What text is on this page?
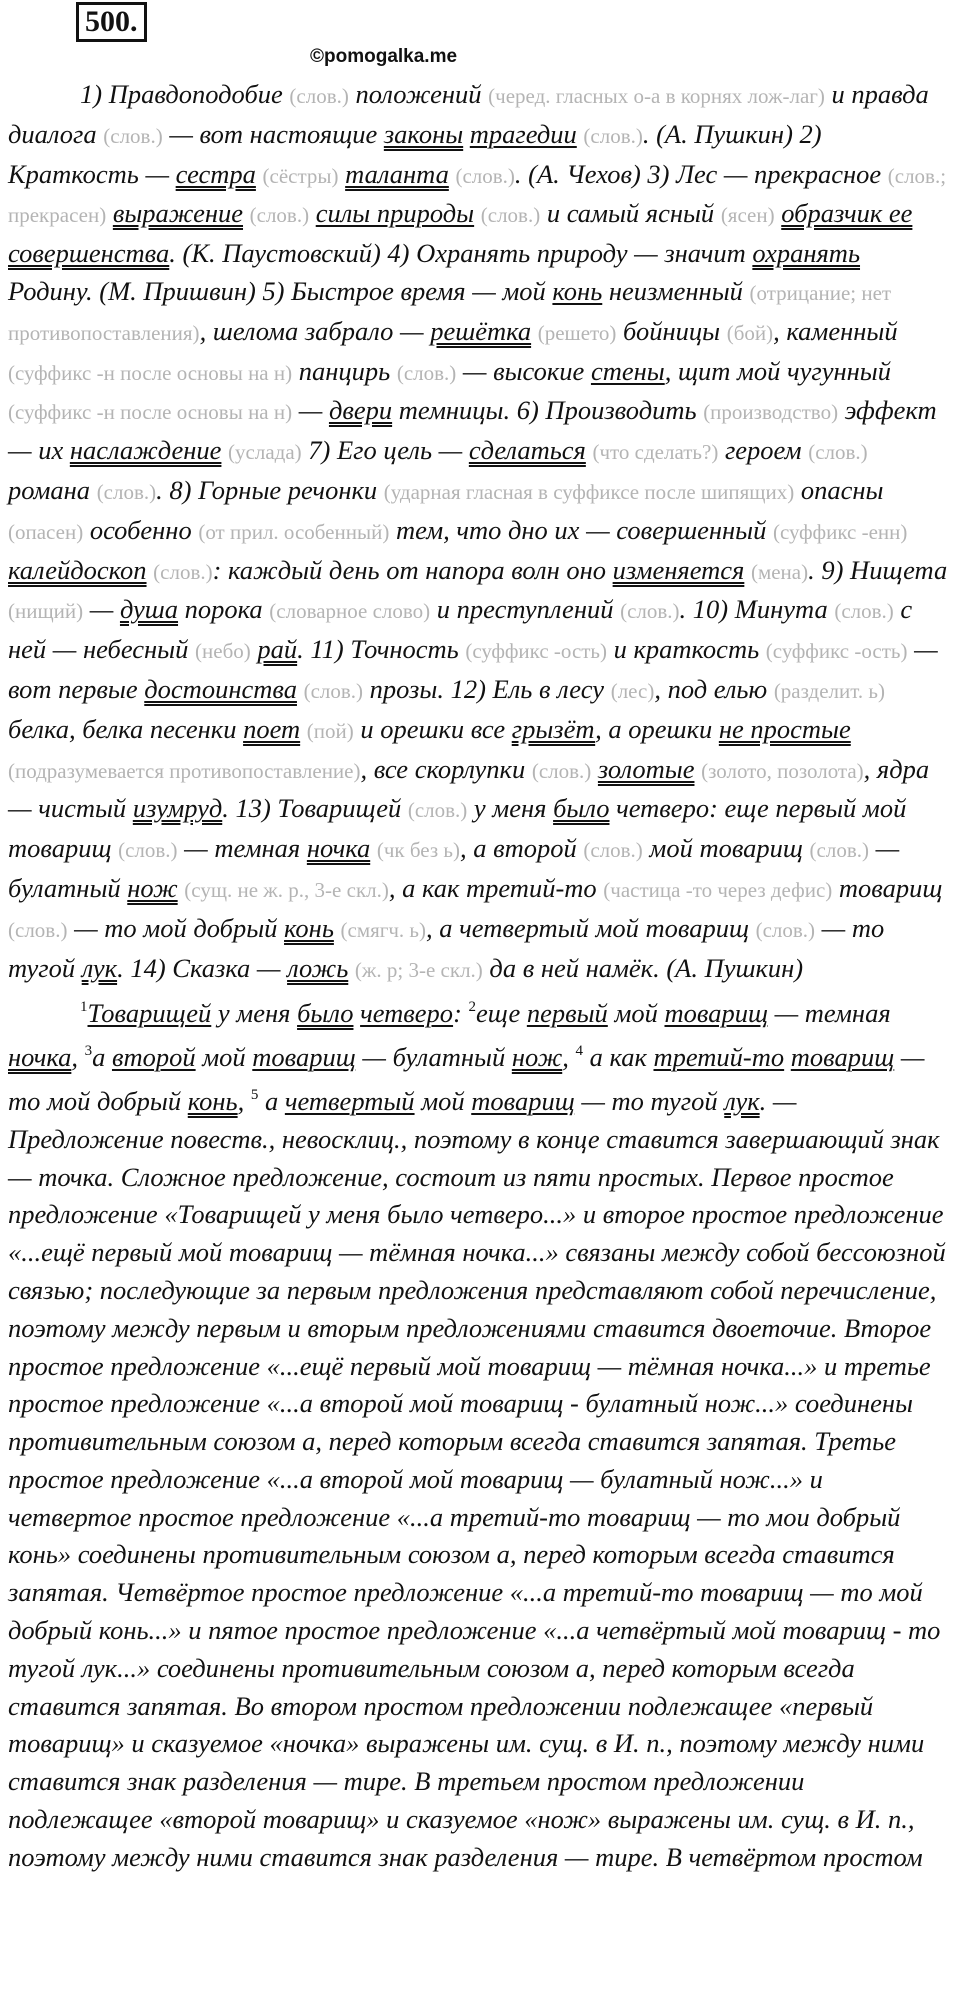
500.
©pomogalka.me

1) Правдоподобие (слов.) положений (черед. гласных о-а в корнях лож-лаг) и правда диалога (слов.) — вот настоящие законы трагедии (слов.). (А. Пушкин) 2) Краткость — сестра (сёстры) таланта (слов.). (А. Чехов) 3) Лес — прекрасное (слов.; прекрасен) выражение (слов.) силы природы (слов.) и самый ясный (ясен) образчик ее совершенства. (К. Паустовский) 4) Охранять природу — значит охранять Родину. (М. Пришвин) 5) Быстрое время — мой конь неизменный (отрицание; нет противопоставления), шелома забрало — решётка (решето) бойницы (бой), каменный (суффикс -н после основы на н) панцирь (слов.) — высокие стены, щит мой чугунный (суффикс -н после основы на н) — двери темницы. 6) Производить (производство) эффект — их наслаждение (услада) 7) Его цель — сделаться (что сделать?) героем (слов.) романа (слов.). 8) Горные речонки (ударная гласная в суффиксе после шипящих) опасны (опасен) особенно (от прил. особенный) тем, что дно их — совершенный (суффикс -енн) калейдоскоп (слов.): каждый день от напора волн оно изменяется (мена). 9) Нищета (нищий) — душа порока (словарное слово) и преступлений (слов.). 10) Минута (слов.) с ней — небесный (небо) рай. 11) Точность (суффикс -ость) и краткость (суффикс -ость) — вот первые достоинства (слов.) прозы. 12) Ель в лесу (лес), под елью (разделит. ь) белка, белка песенки поет (пой) и орешки все грызёт, а орешки не простые (подразумевается противопоставление), все скорлупки (слов.) золотые (золото, позолота), ядра — чистый изумруд. 13) Товарищей (слов.) у меня было четверо: еще первый мой товарищ (слов.) — темная ночка (чк без ь), а второй (слов.) мой товарищ (слов.) — булатный нож (сущ. не ж. р., 3-е скл.), а как третий-то (частица -то через дефис) товарищ (слов.) — то мой добрый конь (смягч. ь), а четвертый мой товарищ (слов.) — то тугой лук. 14) Сказка — ложь (ж. р; 3-е скл.) да в ней намёк. (А. Пушкин)

$^1$Товарищей у меня было четверо: $^2$еще первый мой товарищ — темная ночка, $^3$а второй мой товарищ — булатный нож, $^4$ а как третий-то товарищ — то мой добрый конь, $^5$ а четвертый мой товарищ — то тугой лук. — Предложение повеств., невосклиц., поэтому в конце ставится завершающий знак — точка. Сложное предложение, состоит из пяти простых. Первое простое предложение «Товарищей у меня было четверо...» и второе простое предложение «...ещё первый мой товарищ — тёмная ночка...» связаны между собой бессоюзной связью; последующие за первым предложения представляют собой перечисление, поэтому между первым и вторым предложениями ставится двоеточие. Второе простое предложение «...ещё первый мой товарищ — тёмная ночка...» и третье простое предложение «...а второй мой товарищ - булатный нож...» соединены противительным союзом а, перед которым всегда ставится запятая. Третье простое предложение «...а второй мой товарищ — булатный нож...» и четвертое простое предложение «...а третий-то товарищ — то мои добрый конь» соединены противительным союзом а, перед которым всегда ставится запятая. Четвёртое простое предложение «...а третий-то товарищ — то мой добрый конь...» и пятое простое предложение «...а четвёртый мой товарищ - то тугой лук...» соединены противительным союзом а, перед которым всегда ставится запятая. Во втором простом предложении подлежащее «первый товарищ» и сказуемое «ночка» выражены им. сущ. в И. п., поэтому между ними ставится знак разделения — тире. В третьем простом предложении подлежащее «второй товарищ» и сказуемое «нож» выражены им. сущ. в И. п., поэтому между ними ставится знак разделения — тире. В четвёртом простом
